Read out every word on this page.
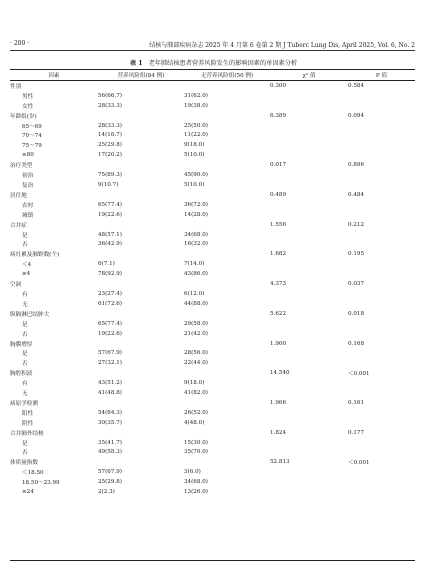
· 200 ·	结核与肺部疾病杂志 2025 年 4 月第 6 卷第 2 期 J Tuberc Lung Dis, April 2025, Vol. 6, No. 2
表 1 老年肺结核患者营养风险发生的影响因素的单因素分析
因素	营养风险组(84 例)	无营养风险组(50 例)	χ² 值	P 值
性别			0.300	0.584
男性	56(66.7)	31(62.0)		
女性	28(33.3)	19(38.0)		
年龄组(岁)			6.389	0.094
65～69	28(33.3)	25(50.0)		
70～74	14(16.7)	11(22.0)		
75～79	25(29.8)	9(18.0)		
≥80	17(20.2)	5(10.0)		
治疗类型			0.017	0.896
初治	75(89.3)	45(90.0)		
复治	9(10.7)	5(10.0)		
居住地			0.489	0.484
农村	65(77.4)	36(72.0)		
城镇	19(22.6)	14(28.0)		
合并症			1.556	0.212
是	48(57.1)	34(68.0)		
否	36(42.9)	16(32.0)		
病灶累及肺野数(个)			1.682	0.195
＜4	6(7.1)	7(14.0)		
≥4	78(92.9)	43(86.0)		
空洞			4.373	0.037
有	23(27.4)	6(12.0)		
无	61(72.6)	44(88.0)		
纵隔淋巴结肿大			5.622	0.018
是	65(77.4)	29(58.0)		
否	19(22.6)	21(42.0)		
胸膜增厚			1.900	0.168
是	57(67.9)	28(56.0)		
否	27(32.1)	22(44.0)		
胸腔积液			14.540	＜0.001
有	43(51.2)	9(18.0)		
无	41(48.8)	41(82.0)		
病原学检测			1.966	0.161
阳性	54(64.3)	26(52.0)		
阴性	30(35.7)	4(48.0)		
合并肺外结核			1.824	0.177
是	35(41.7)	15(30.0)		
否	49(58.3)	35(70.0)		
体质量指数			52.813	＜0.001
＜18.50	57(67.9)	3(6.0)		
18.50～23.99	25(29.8)	34(68.0)		
≥24	2(2.3)	13(26.0)		
